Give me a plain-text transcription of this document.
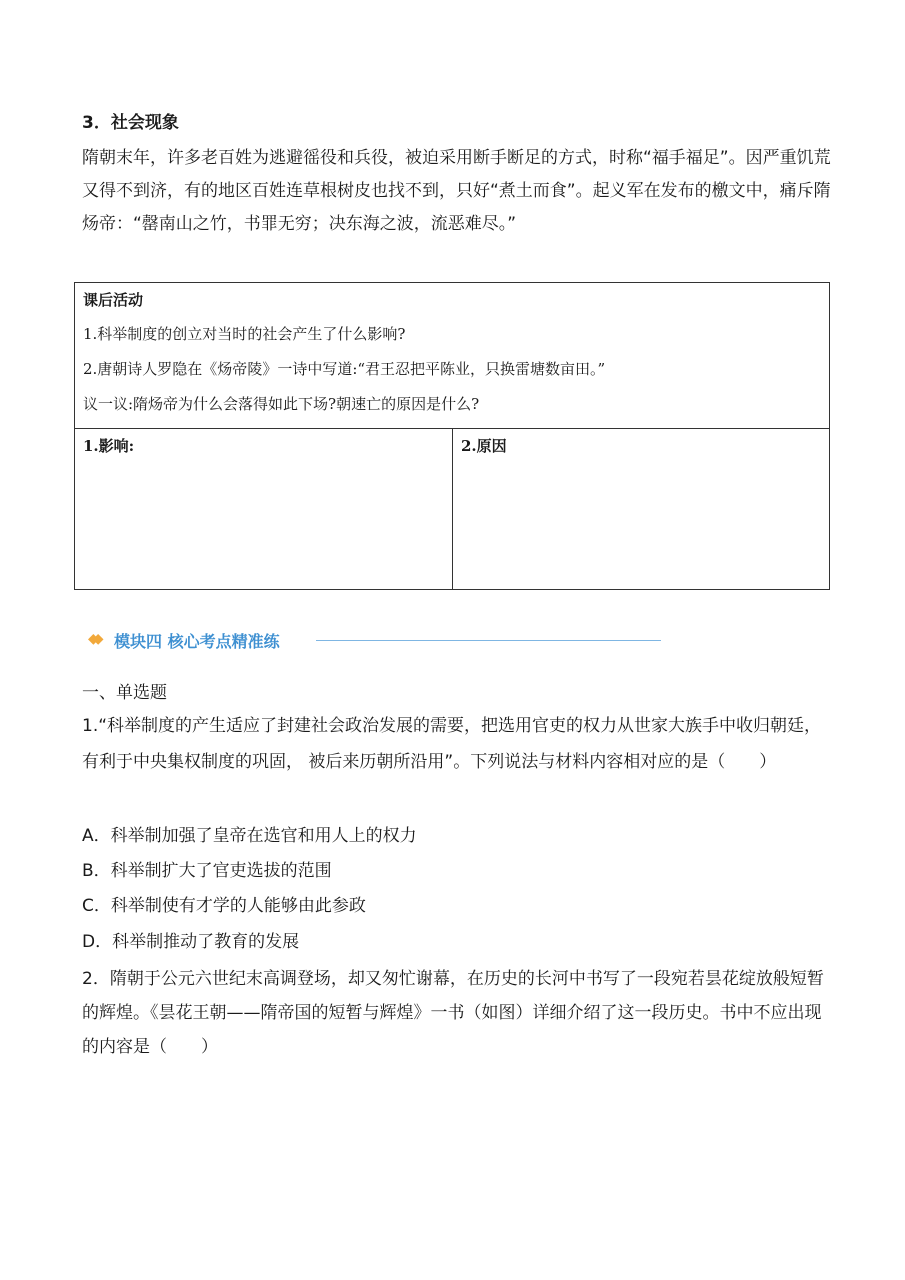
3．社会现象
隋朝末年，许多老百姓为逃避徭役和兵役，被迫采用断手断足的方式，时称“福手福足”。因严重饥荒又得不到济，有的地区百姓连草根树皮也找不到，只好“煮土而食”。起义军在发布的檄文中，痛斥隋炀帝：“罄南山之竹，书罪无穷；决东海之波，流恶难尽。”
课后活动
1.科举制度的创立对当时的社会产生了什么影响?
2.唐朝诗人罗隐在《炀帝陵》一诗中写道:“君王忍把平陈业，只换雷塘数亩田。”
议一议:隋炀帝为什么会落得如此下场?朝速亡的原因是什么?
1.影响:	2.原因
◆◆ 模块四 核心考点精准练
一、单选题
1.“科举制度的产生适应了封建社会政治发展的需要，把选用官吏的权力从世家大族手中收归朝廷， 有利于中央集权制度的巩固， 被后来历朝所沿用”。下列说法与材料内容相对应的是（　　）
A．科举制加强了皇帝在选官和用人上的权力
B．科举制扩大了官吏选拔的范围
C．科举制使有才学的人能够由此参政
D．科举制推动了教育的发展
2．隋朝于公元六世纪末高调登场，却又匆忙谢幕，在历史的长河中书写了一段宛若昙花绽放般短暂的辉煌。《昙花王朝——隋帝国的短暂与辉煌》一书（如图）详细介绍了这一段历史。书中不应出现的内容是（　　）
